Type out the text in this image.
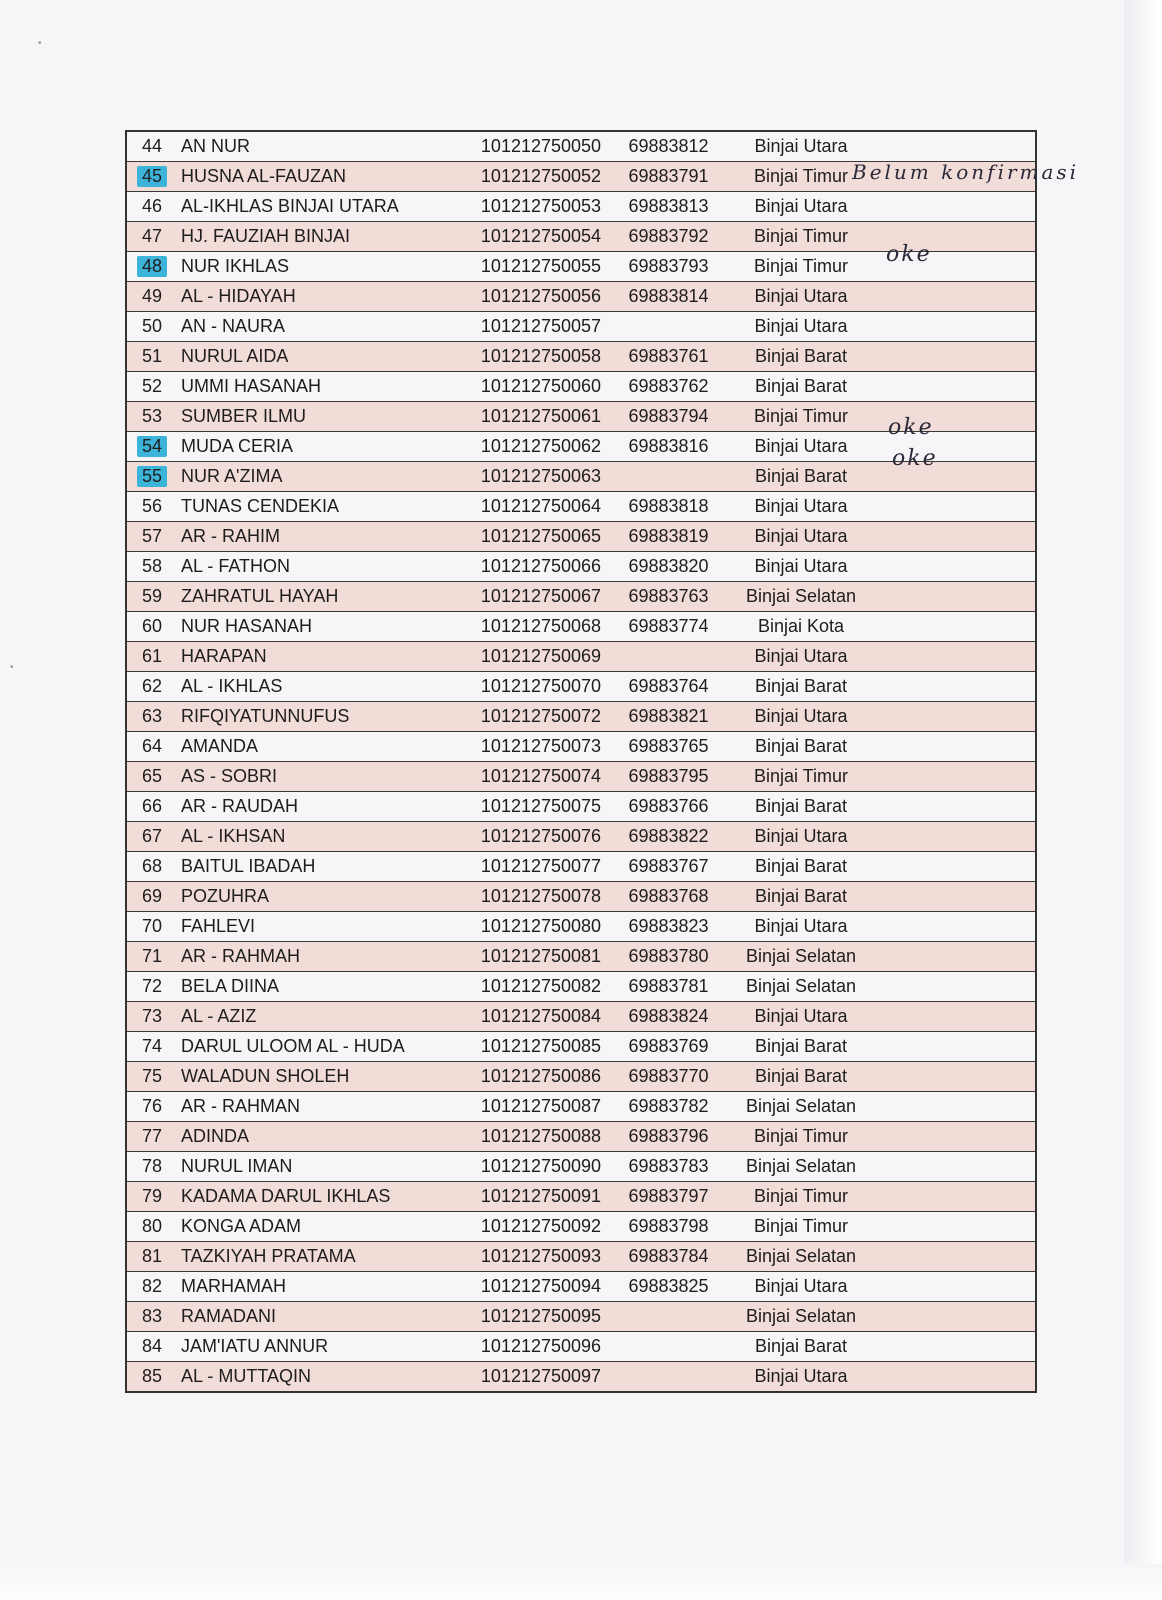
•
•
44	AN NUR	101212750050	69883812	Binjai Utara	
45	HUSNA AL-FAUZAN	101212750052	69883791	Binjai Timur	
46	AL-IKHLAS BINJAI UTARA	101212750053	69883813	Binjai Utara	
47	HJ. FAUZIAH BINJAI	101212750054	69883792	Binjai Timur	
48	NUR IKHLAS	101212750055	69883793	Binjai Timur	
49	AL - HIDAYAH	101212750056	69883814	Binjai Utara	
50	AN - NAURA	101212750057		Binjai Utara	
51	NURUL AIDA	101212750058	69883761	Binjai Barat	
52	UMMI HASANAH	101212750060	69883762	Binjai Barat	
53	SUMBER ILMU	101212750061	69883794	Binjai Timur	
54	MUDA CERIA	101212750062	69883816	Binjai Utara	
55	NUR A'ZIMA	101212750063		Binjai Barat	
56	TUNAS CENDEKIA	101212750064	69883818	Binjai Utara	
57	AR - RAHIM	101212750065	69883819	Binjai Utara	
58	AL - FATHON	101212750066	69883820	Binjai Utara	
59	ZAHRATUL HAYAH	101212750067	69883763	Binjai Selatan	
60	NUR HASANAH	101212750068	69883774	Binjai Kota	
61	HARAPAN	101212750069		Binjai Utara	
62	AL - IKHLAS	101212750070	69883764	Binjai Barat	
63	RIFQIYATUNNUFUS	101212750072	69883821	Binjai Utara	
64	AMANDA	101212750073	69883765	Binjai Barat	
65	AS - SOBRI	101212750074	69883795	Binjai Timur	
66	AR - RAUDAH	101212750075	69883766	Binjai Barat	
67	AL - IKHSAN	101212750076	69883822	Binjai Utara	
68	BAITUL IBADAH	101212750077	69883767	Binjai Barat	
69	POZUHRA	101212750078	69883768	Binjai Barat	
70	FAHLEVI	101212750080	69883823	Binjai Utara	
71	AR - RAHMAH	101212750081	69883780	Binjai Selatan	
72	BELA DIINA	101212750082	69883781	Binjai Selatan	
73	AL - AZIZ	101212750084	69883824	Binjai Utara	
74	DARUL ULOOM AL - HUDA	101212750085	69883769	Binjai Barat	
75	WALADUN SHOLEH	101212750086	69883770	Binjai Barat	
76	AR - RAHMAN	101212750087	69883782	Binjai Selatan	
77	ADINDA	101212750088	69883796	Binjai Timur	
78	NURUL IMAN	101212750090	69883783	Binjai Selatan	
79	KADAMA DARUL IKHLAS	101212750091	69883797	Binjai Timur	
80	KONGA ADAM	101212750092	69883798	Binjai Timur	
81	TAZKIYAH PRATAMA	101212750093	69883784	Binjai Selatan	
82	MARHAMAH	101212750094	69883825	Binjai Utara	
83	RAMADANI	101212750095		Binjai Selatan	
84	JAM'IATU ANNUR	101212750096		Binjai Barat	
85	AL - MUTTAQIN	101212750097		Binjai Utara	
Belum konfirmasi
oke
oke
oke
